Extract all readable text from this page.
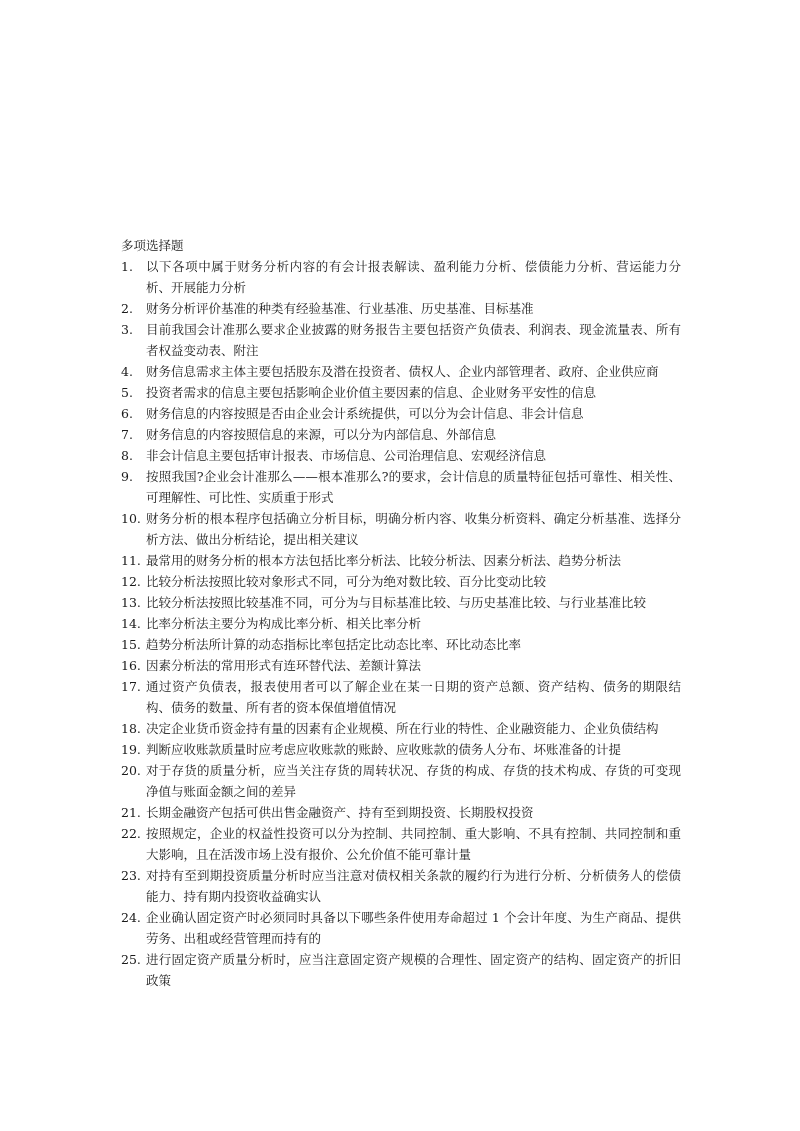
多项选择题
1.	以下各项中属于财务分析内容的有会计报表解读、盈利能力分析、偿债能力分析、营运能力分析、开展能力分析
2.	财务分析评价基准的种类有经验基准、行业基准、历史基准、目标基准
3.	目前我国会计准那么要求企业披露的财务报告主要包括资产负债表、利润表、现金流量表、所有者权益变动表、附注
4.	财务信息需求主体主要包括股东及潜在投资者、债权人、企业内部管理者、政府、企业供应商
5.	投资者需求的信息主要包括影响企业价值主要因素的信息、企业财务平安性的信息
6.	财务信息的内容按照是否由企业会计系统提供，可以分为会计信息、非会计信息
7.	财务信息的内容按照信息的来源，可以分为内部信息、外部信息
8.	非会计信息主要包括审计报表、市场信息、公司治理信息、宏观经济信息
9.	按照我国?企业会计准那么——根本准那么?的要求，会计信息的质量特征包括可靠性、相关性、可理解性、可比性、实质重于形式
10. 财务分析的根本程序包括确立分析目标，明确分析内容、收集分析资料、确定分析基准、选择分析方法、做出分析结论，提出相关建议
11. 最常用的财务分析的根本方法包括比率分析法、比较分析法、因素分析法、趋势分析法
12. 比较分析法按照比较对象形式不同，可分为绝对数比较、百分比变动比较
13. 比较分析法按照比较基准不同，可分为与目标基准比较、与历史基准比较、与行业基准比较
14. 比率分析法主要分为构成比率分析、相关比率分析
15. 趋势分析法所计算的动态指标比率包括定比动态比率、环比动态比率
16. 因素分析法的常用形式有连环替代法、差额计算法
17. 通过资产负债表，报表使用者可以了解企业在某一日期的资产总额、资产结构、债务的期限结构、债务的数量、所有者的资本保值增值情况
18. 决定企业货币资金持有量的因素有企业规模、所在行业的特性、企业融资能力、企业负债结构
19. 判断应收账款质量时应考虑应收账款的账龄、应收账款的债务人分布、坏账准备的计提
20. 对于存货的质量分析，应当关注存货的周转状况、存货的构成、存货的技术构成、存货的可变现净值与账面金额之间的差异
21. 长期金融资产包括可供出售金融资产、持有至到期投资、长期股权投资
22. 按照规定，企业的权益性投资可以分为控制、共同控制、重大影响、不具有控制、共同控制和重大影响，且在活泼市场上没有报价、公允价值不能可靠计量
23. 对持有至到期投资质量分析时应当注意对债权相关条款的履约行为进行分析、分析债务人的偿债能力、持有期内投资收益确实认
24. 企业确认固定资产时必须同时具备以下哪些条件使用寿命超过 1 个会计年度、为生产商品、提供劳务、出租或经营管理而持有的
25. 进行固定资产质量分析时，应当注意固定资产规模的合理性、固定资产的结构、固定资产的折旧政策
